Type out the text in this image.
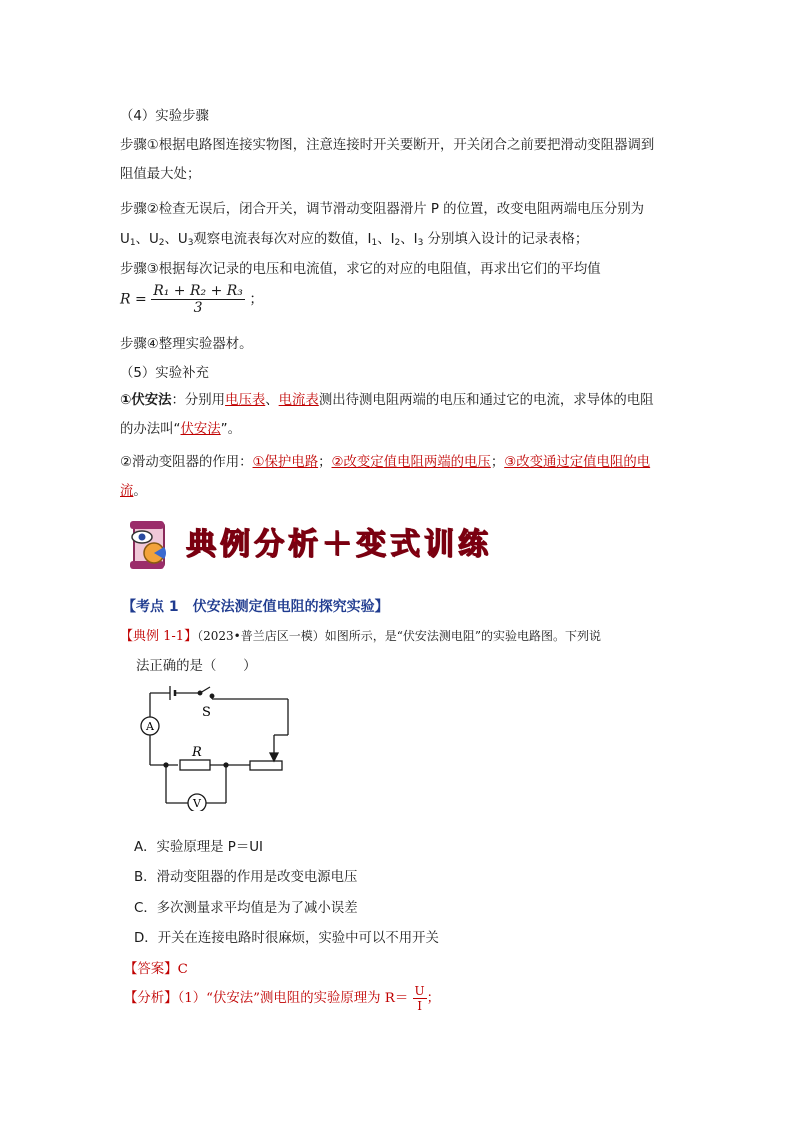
（4）实验步骤
步骤①根据电路图连接实物图，注意连接时开关要断开，开关闭合之前要把滑动变阻器调到
阻值最大处；
步骤②检查无误后，闭合开关，调节滑动变阻器滑片 P 的位置，改变电阻两端电压分别为
$U_1$、$U_2$、$U_3$观察电流表每次对应的数值，$I_1$、$I_2$、$I_3$ 分别填入设计的记录表格；
步骤③根据每次记录的电压和电流值，求它的对应的电阻值，再求出它们的平均值
$R = \frac{\text{R₁ + R₂ + R₃}}{3}$ ；
步骤④整理实验器材。
（5）实验补充
①伏安法：分别用电压表、电流表测出待测电阻两端的电压和通过它的电流，求导体的电阻
的办法叫“伏安法”。
②滑动变阻器的作用：①保护电路；②改变定值电阻两端的电压；③改变通过定值电阻的电
流。
典例分析＋变式训练
【考点 1　伏安法测定值电阻的探究实验】
【典例 1-1】（2023•普兰店区一模）如图所示，是“伏安法测电阻”的实验电路图。下列说
法正确的是（　　）
S
A
V
R
A．实验原理是 P＝UI
B．滑动变阻器的作用是改变电源电压
C．多次测量求平均值是为了减小误差
D．开关在连接电路时很麻烦，实验中可以不用开关
【答案】C
【分析】（1）“伏安法”测电阻的实验原理为 $R= \frac{U}{I}$ ；
